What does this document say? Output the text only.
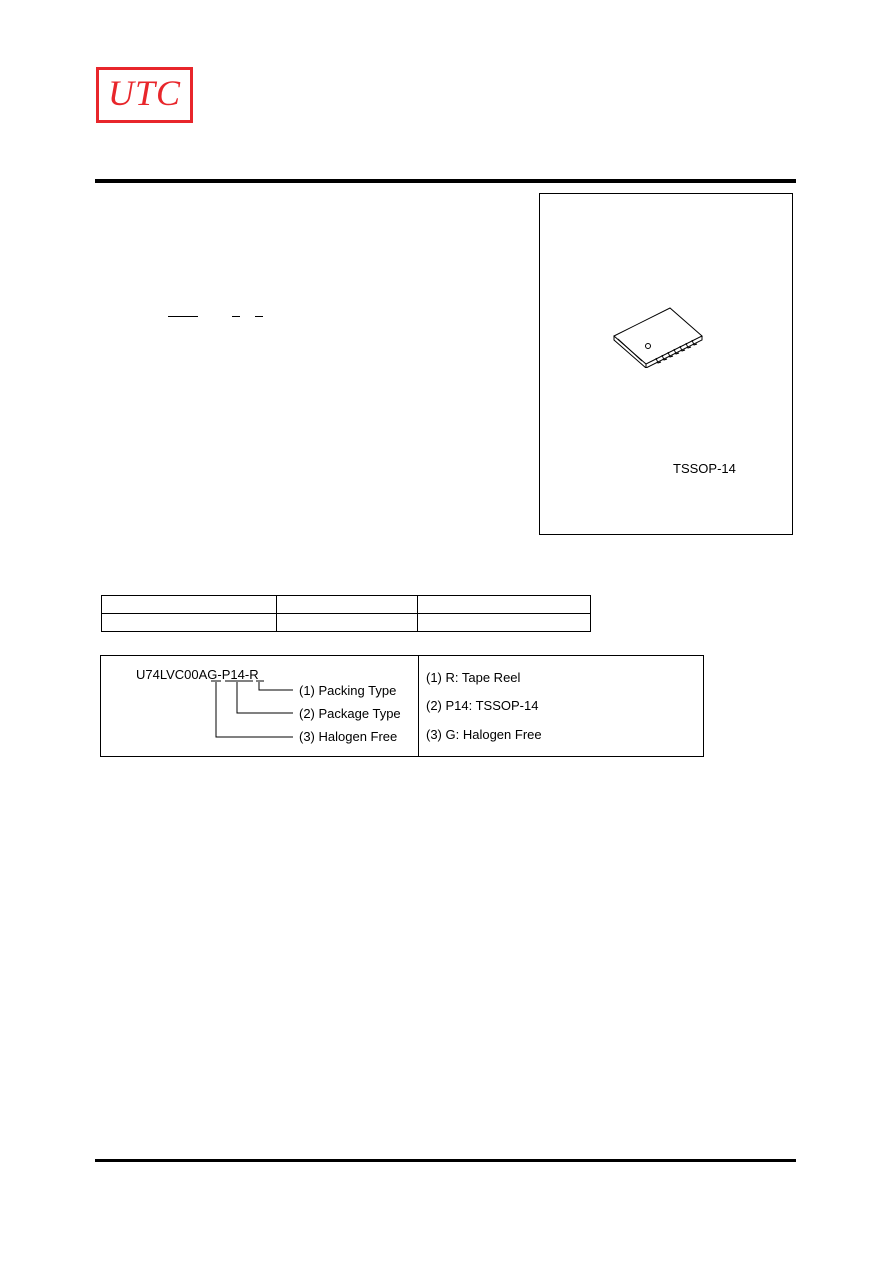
UTC
TSSOP-14

U74LVC00AG-P14-R
(1) Packing Type
(2) Package Type
(3) Halogen Free
(1) R: Tape Reel
(2) P14: TSSOP-14
(3) G: Halogen Free
